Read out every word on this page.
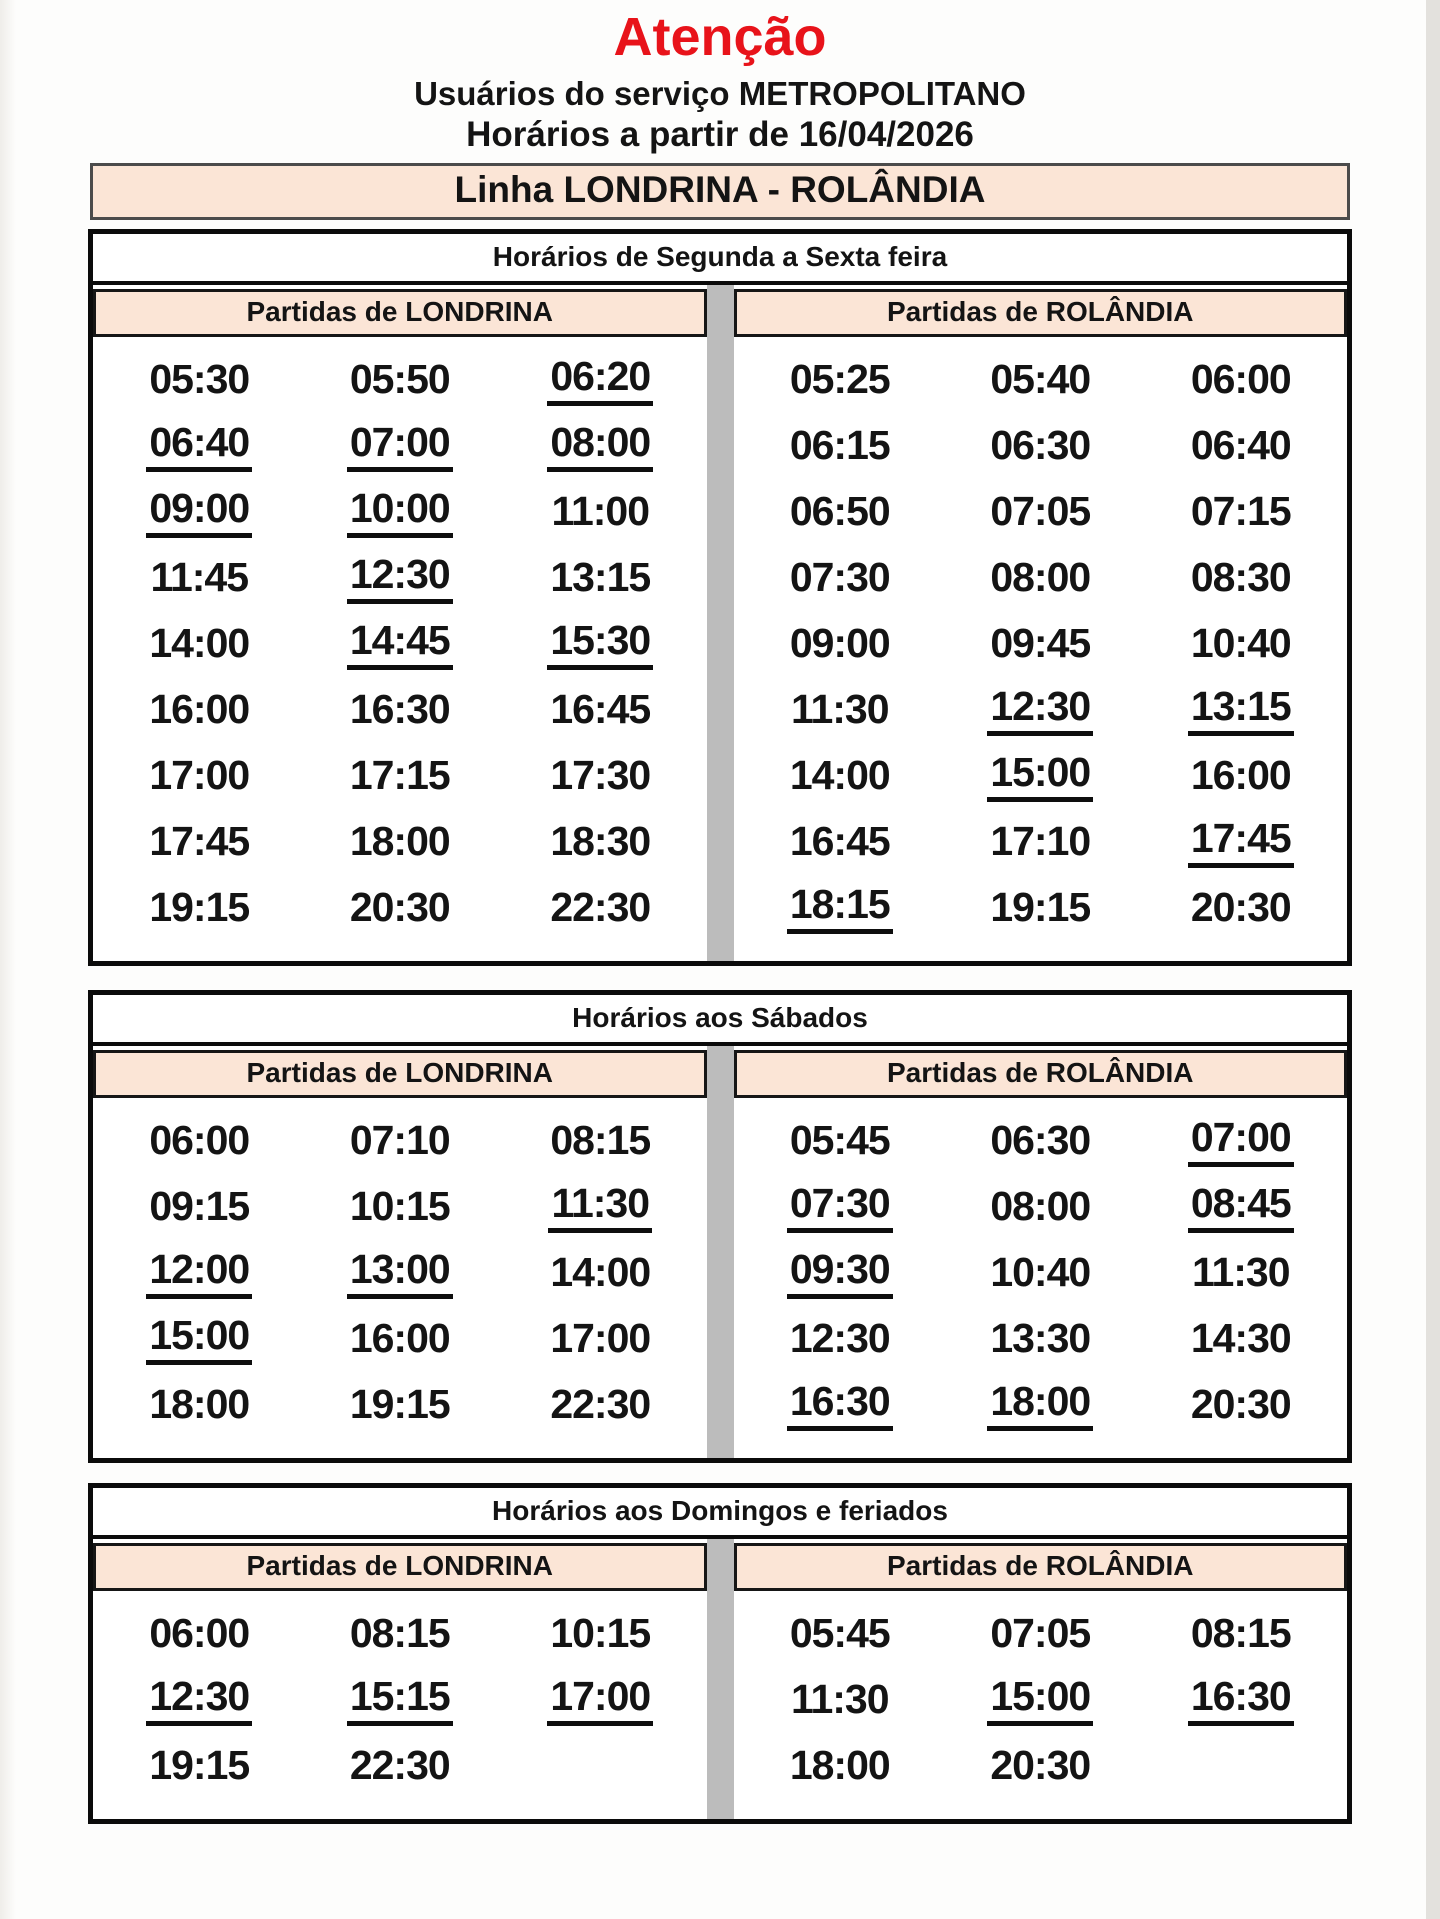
Atenção
Usuários do serviço METROPOLITANO
Horários a partir de 16/04/2026
Linha LONDRINA - ROLÂNDIA
Horários de Segunda a Sexta feira
Partidas de LONDRINA
05:30 05:50 06:20
06:40 07:00 08:00
09:00 10:00 11:00
11:45 12:30 13:15
14:00 14:45 15:30
16:00 16:30 16:45
17:00 17:15 17:30
17:45 18:00 18:30
19:15 20:30 22:30
Partidas de ROLÂNDIA
05:25 05:40 06:00
06:15 06:30 06:40
06:50 07:05 07:15
07:30 08:00 08:30
09:00 09:45 10:40
11:30 12:30 13:15
14:00 15:00 16:00
16:45 17:10 17:45
18:15 19:15 20:30
Horários aos Sábados
Partidas de LONDRINA
06:00 07:10 08:15
09:15 10:15 11:30
12:00 13:00 14:00
15:00 16:00 17:00
18:00 19:15 22:30
Partidas de ROLÂNDIA
05:45 06:30 07:00
07:30 08:00 08:45
09:30 10:40 11:30
12:30 13:30 14:30
16:30 18:00 20:30
Horários aos Domingos e feriados
Partidas de LONDRINA
06:00 08:15 10:15
12:30 15:15 17:00
19:15 22:30
Partidas de ROLÂNDIA
05:45 07:05 08:15
11:30 15:00 16:30
18:00 20:30
